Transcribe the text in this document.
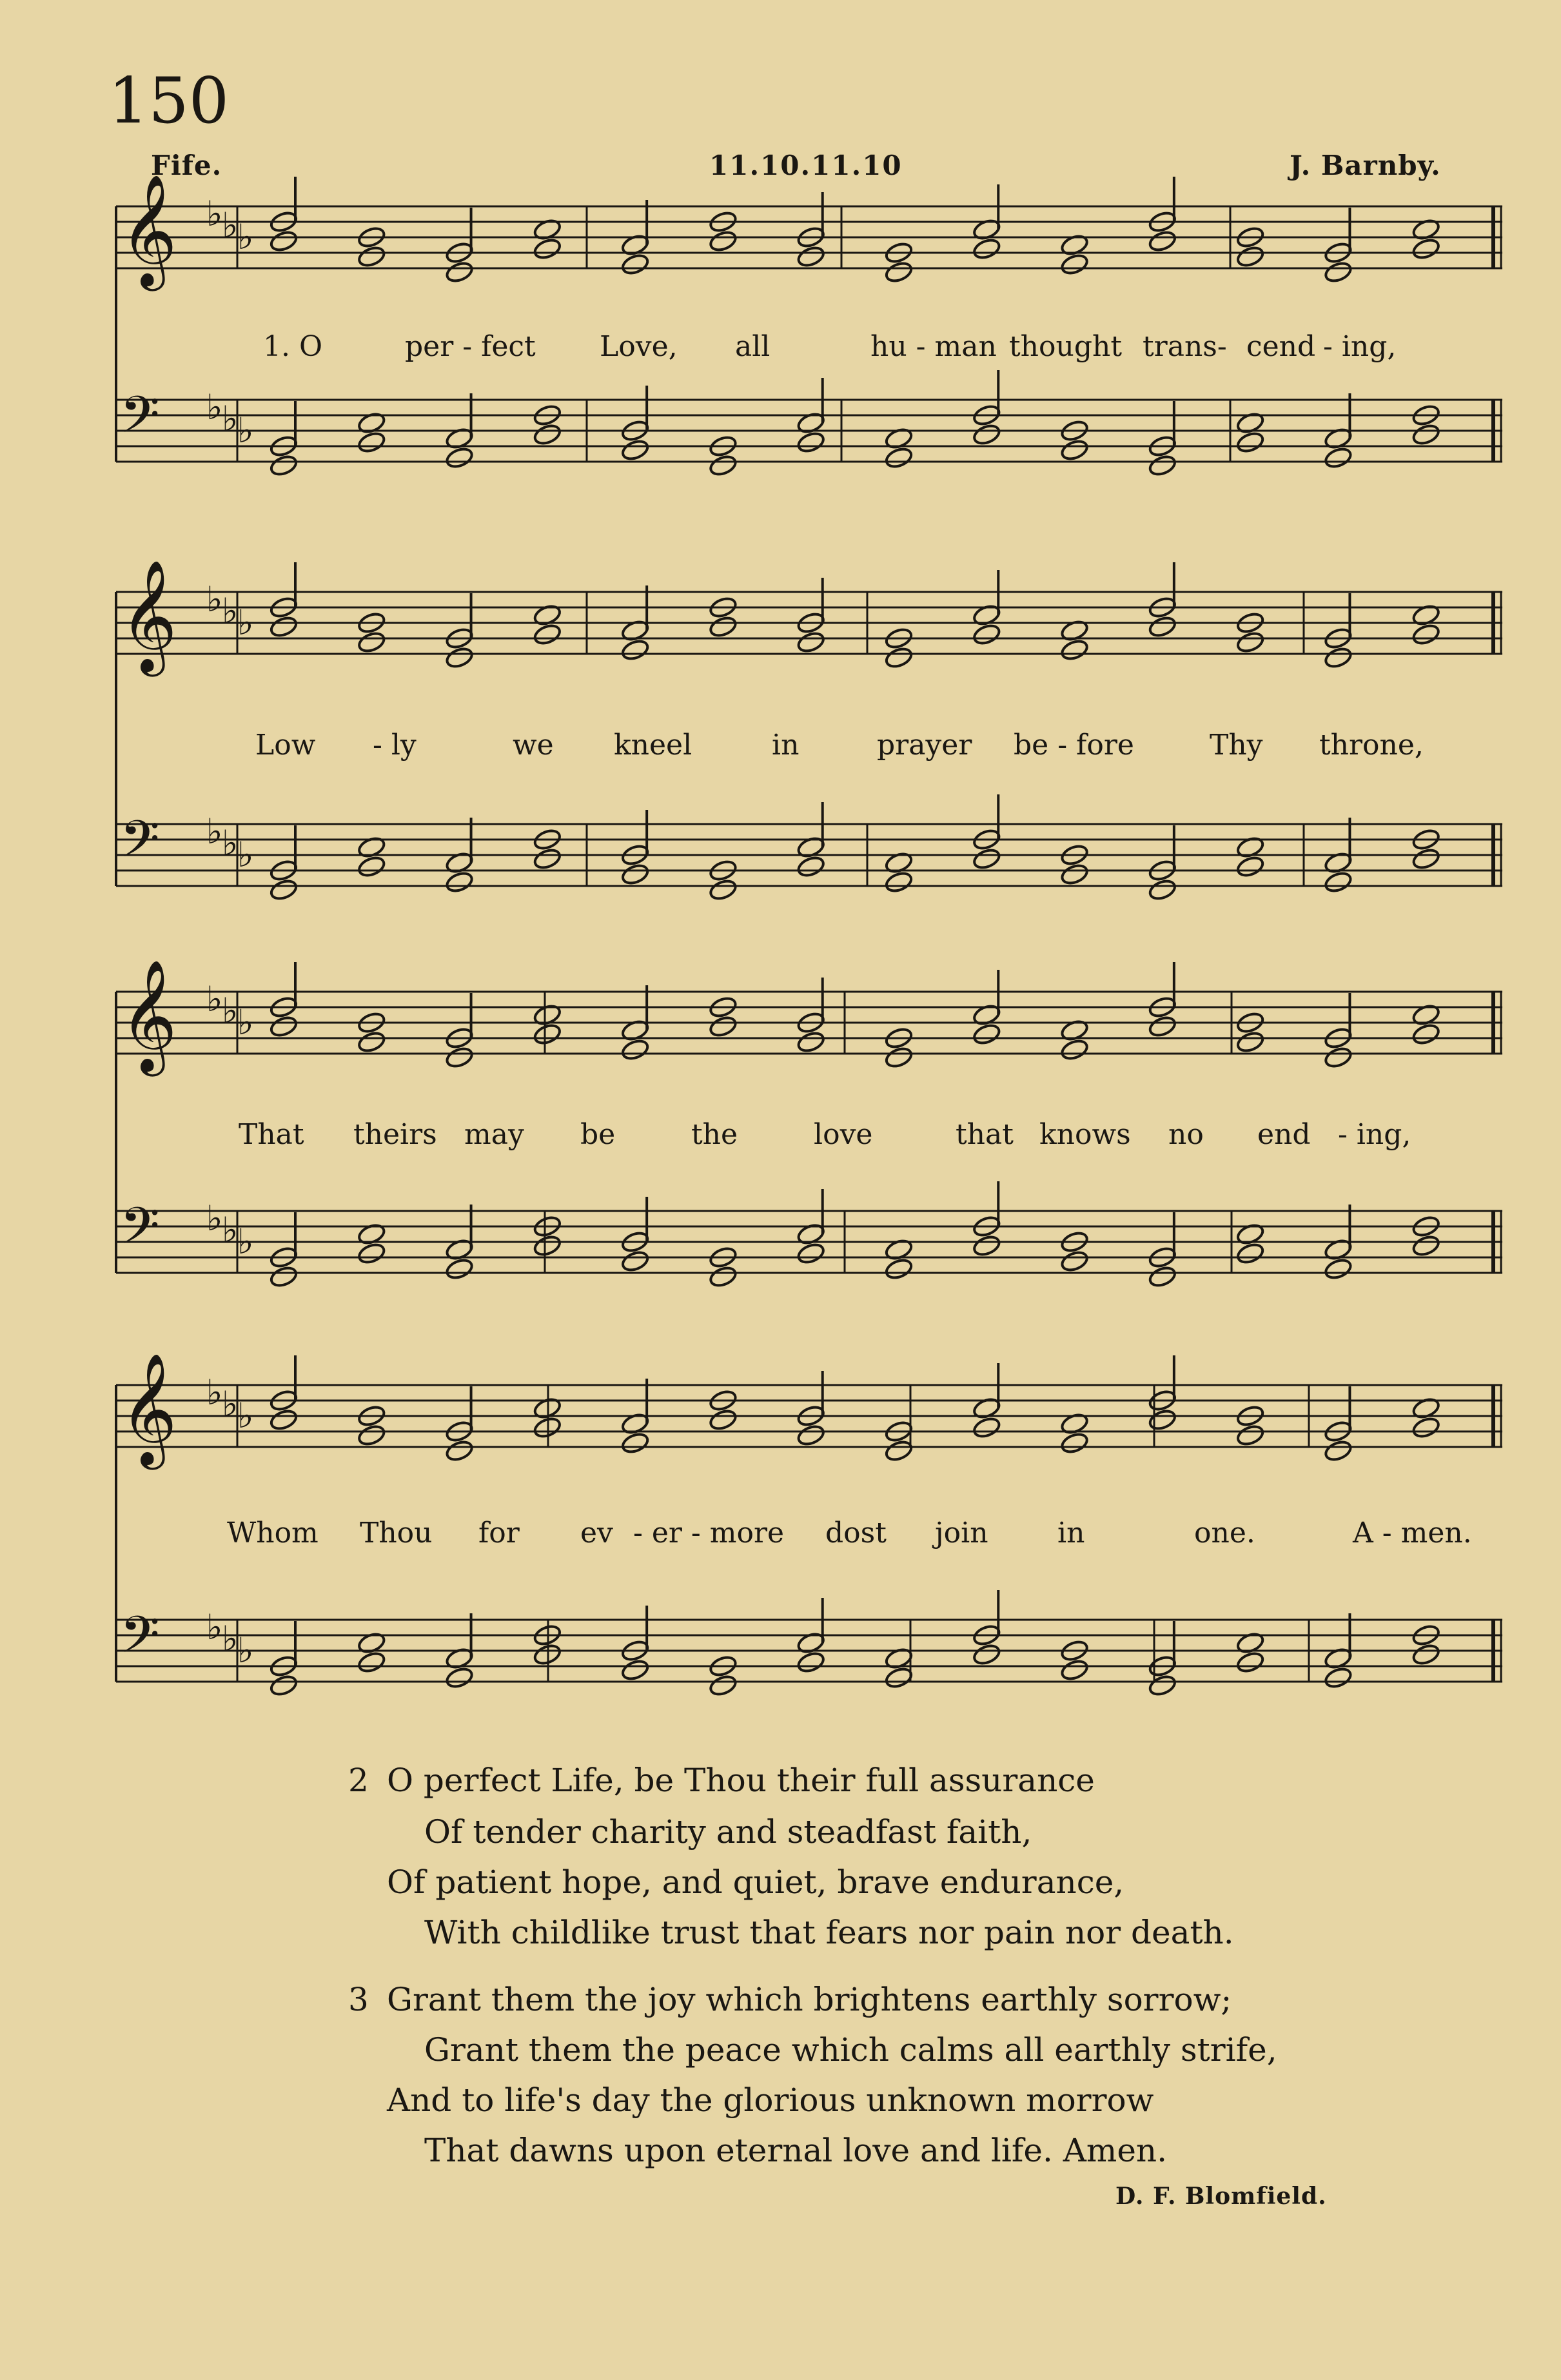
150
Fife.	11.10.11.10	J. Barnby.
𝄞 ♭
♭
♭
𝄢 ♭
♭
♭
𝄞 ♭
♭
♭
𝄢 ♭
♭
♭
𝄞 ♭
♭
♭
𝄢 ♭
♭
♭
𝄞 ♭
♭
♭
𝄢 ♭
♭
♭
1. O	per - fect Love, all	hu - man thought trans- cend - ing,
Low - ly	we kneel	in	prayer be - fore	Thy throne,
That theirs may be	the	love	that knows no end - ing,
Whom Thou for ev - er - more dost join in	one.	A - men.
2 O perfect Life, be Thou their full assurance
Of tender charity and steadfast faith,
Of patient hope, and quiet, brave endurance,
With childlike trust that fears nor pain nor death.
3 Grant them the joy which brightens earthly sorrow;
Grant them the peace which calms all earthly strife,
And to life's day the glorious unknown morrow
That dawns upon eternal love and life. Amen.
D. F. Blomfield.
